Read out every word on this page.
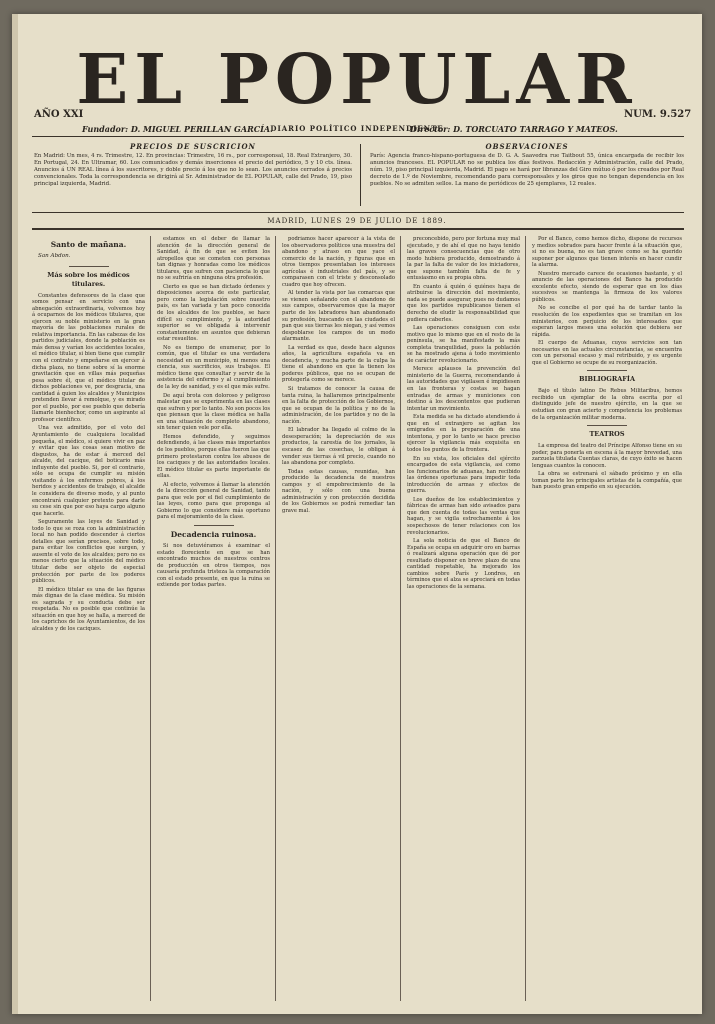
EL POPULAR
AÑO XXI	NUM. 9.527
DIARIO POLÍTICO INDEPENDIENTE
Fundador: D. MIGUEL PERILLAN GARCÍA.	Director: D. TORCUATO TARRAGO Y MATEOS.
PRECIOS DE SUSCRICION
En Madrid: Un mes, 4 rs. Trimestre, 12. En provincias: Trimestre, 16 rs., por corresponsal, 18. Real Extranjero, 30. En Portugal, 24. En Ultramar, 60. Los comunicados y demás inserciones el precio del periódico, 5 y 10 cts. línea. Anuncios á UN REAL línea á los suscritores, y doble precio á los que no lo sean. Los anuncios cerrados á precios convencionales. Toda la correspondencia se dirigirá al Sr. Administrador de EL POPULAR, calle del Prado, 19, piso principal izquierda, Madrid.
OBSERVACIONES
París: Agencia franco-hispano-portuguesa de D. G. A. Saavedra rue Taitbout 55, única encargada de recibir los anuncios franceses. EL POPULAR no se publica los días festivos. Redacción y Administración, calle del Prado, núm. 19, piso principal izquierda, Madrid. El pago se hará por libranzas del Giro mútuo ó por los creados por Real decreto de 1.º de Noviembre, recomendando para corresponsales y los giros que no tengan dependencia en los pueblos. No se admiten sellos. La mano de periódicos de 25 ejemplares, 12 reales.
MADRID, LUNES 29 DE JULIO DE 1889.
Santo de mañana.
San Abdon.
Más sobre los médicos titulares.

Constantes defensores de la clase que somos pensar en servicio con una abnegación extraordinaria, volvemos hoy á ocuparnos de los médicos titulares, que ejercen su noble ministerio en la gran mayoría de las poblaciones rurales de relativa importancia. En las cabezas de los partidos judiciales, donde la población es más densa y varían los accidentes locales, el médico titular, si bien tiene que cumplir con el contrato y empeñarse en ejercer á dicha plaza, no tiene sobre sí la enorme gravitación que en villas más pequeñas pesa sobre él, que el médico titular de dichos poblaciones ve, por desgracia, una cantidad á quien los alcaldes y Municipios pretenden llevar á remolque, y es mirado por el pueblo, por ese pueblo que debería llamarle bienhechor, como un aspirante al profesor científico.

Una vez admitido, por el voto del Ayuntamiento de cualquiera localidad pequeña, el médico, si quiere vivir en paz y evitar que las cosas sean motivo de disgustos, ha de estar á merced del alcalde, del cacique, del boticario más influyente del pueblo. Si, por el contrario, sólo se ocupa de cumplir su misión visitando á los enfermos pobres, á los heridos y accidentes de trabajo, el alcalde le considera de diverso modo, y al punto encontrará cualquier pretexto para darle su cese sin que por eso haya cargo alguno que hacerle.

Seguramente las leyes de Sanidad y todo lo que se roza con la administración local no han podido descender á ciertos detalles que serían precisos, sobre todo, para evitar los conflictos que surgen, y ausente el voto de los alcaldes; pero no es menos cierto que la situación del médico titular debe ser objeto de especial protección por parte de los poderes públicos.

El médico titular es una de las figuras más dignas de la clase médica. Su misión es sagrada y su conducta debe ser respetada. No es posible que continúe la situación en que hoy se halla, a merced de los caprichos de los Ayuntamientos, de los alcaldes y de los caciques.

estamos en el deber de llamar la atención de la dirección general de Sanidad, á fin de que se eviten los atropellos que se cometen con personas tan dignas y honradas como los médicos titulares, que sufren con paciencia lo que no se sufriría en ninguna otra profesión.

Cierto es que se han dictado órdenes y disposiciones acerca de este particular, pero como la legislación sobre nuestro país, es tan variada y tan poco conocida de los alcaldes de los pueblos, se hace difícil su cumplimiento, y la autoridad superior se ve obligada á intervenir constantemente en asuntos que debieran estar resueltos.

No es tiempo de enumerar, por lo común, que el titular es una verdadera necesidad en un municipio, ni menos una ciencia, sus sacrificios, sus trabajos. El médico tiene que consultar y servir de la asistencia del enfermo y al cumplimiento de la ley de sanidad, y es el que más sufre.

De aquí brota con doloroso y peligroso malestar que se experimenta en las clases que sufren y por lo tanto. No son pocos los que piensan que la clase médica se halla en una situación de completo abandono, sin tener quien vele por ella.

Hemos defendido, y seguimos defendiendo, á las clases más importantes de los pueblos, porque ellas fueron las que primero protestaron contra los abusos de los caciques y de las autoridades locales. El médico titular es parte importante de ellas.

Al efecto, volvemos á llamar la atención de la dirección general de Sanidad, tanto para que vele por el fiel cumplimiento de las leyes, como para que proponga al Gobierno lo que considere más oportuno para el mejoramiento de la clase.

Decadencia ruinosa.

Si nos detuviéramos á examinar el estado floreciente en que se han encontrado muchos de nuestros centros de producción en otros tiempos, nos causaría profunda tristeza la comparación con el estado presente, en que la ruina se extiende por todas partes.

podríamos hacer aparecer á la vista de los observadores políticos una muestra del abandono y atraso en que yace el comercio de la nación, y figuras que en otros tiempos presentaban los intereses agrícolas é industriales del país, y se comparasen con el triste y desconsolado cuadro que hoy ofrecen.

Al tender la vista por las comarcas que se vienen señalando con el abandono de sus campos, observaremos que la mayor parte de los labradores han abandonado su profesión, buscando en las ciudades el pan que sus tierras les niegan, y así vemos despoblarse los campos de un modo alarmante.

La verdad es que, desde hace algunos años, la agricultura española va en decadencia, y mucha parte de la culpa la tiene el abandono en que la tienen los poderes públicos, que no se ocupan de protegerla como se merece.

Si tratamos de conocer la causa de tanta ruina, la hallaremos principalmente en la falta de protección de los Gobiernos, que se ocupan de la política y no de la administración, de los partidos y no de la nación.

El labrador ha llegado al colmo de la desesperación; la depreciación de sus productos, la carestía de los jornales, la escasez de las cosechas, le obligan á vender sus tierras á vil precio, cuando no las abandona por completo.

Todas estas causas, reunidas, han producido la decadencia de nuestros campos y el empobrecimiento de la nación, y sólo con una buena administración y con protección decidida de los Gobiernos se podrá remediar tan grave mal.

preconcebido, pero por fortuna muy mal ejecutado, y de ahí el que no haya tenido las graves consecuencias que de otro modo hubiera producido, demostrando á la par la falta de valor de los iniciadores, que supone también falta de fe y entusiasmo en su propia obra.

En cuanto á quién ó quiénes haya de atribuirse la dirección del movimiento, nada se puede asegurar, pues no dudamos que los partidos republicanos tienen el derecho de eludir la responsabilidad que pudiera caberles.

Las operaciones consiguen con este motivo que lo mismo que en el resto de la península, se ha manifestado la más completa tranquilidad, pues la población se ha mostrado ajena á todo movimiento de carácter revolucionario.

Merece aplausos la prevención del ministerio de la Guerra, recomendando á las autoridades que vigilasen é impidiesen en las fronteras y costas se hagan entradas de armas y municiones con destino á los descontentos que pudieran intentar un movimiento.

Esta medida se ha dictado atendiendo á que en el extranjero se agitan los emigrados en la preparación de una intentona, y por lo tanto se hace preciso ejercer la vigilancia más exquisita en todos los puntos de la frontera.

En su vista, los oficiales del ejército encargados de esta vigilancia, así como los funcionarios de aduanas, han recibido las órdenes oportunas para impedir toda introducción de armas y efectos de guerra.

Los dueños de los establecimientos y fábricas de armas han sido avisados para que den cuenta de todas las ventas que hagan, y se vigila estrechamente á los sospechosos de tener relaciones con los revolucionarios.

La sola noticia de que el Banco de España se ocupa en adquirir oro en barras ó realizará alguna operación que dé por resultado disponer en breve plazo de una cantidad respetable, ha mejorado los cambios sobre París y Londres, en términos que el alza se apreciará en todas las operaciones de la semana.

Por el Banco, como hemos dicho, dispone de recursos y medios sobrados para hacer frente á la situación que, si no es buena, no es tan grave como se ha querido suponer por algunos que tienen interés en hacer cundir la alarma.

Nuestro mercado carece de ocasiones bastante, y el anuncio de las operaciones del Banco ha producido excelente efecto, siendo de esperar que en los días sucesivos se mantenga la firmeza de los valores públicos.

No se concibe el por qué ha de tardar tanto la resolución de los expedientes que se tramitan en los ministerios, con perjuicio de los interesados que esperan largos meses una solución que debiera ser rápida.

El cuerpo de Aduanas, cuyos servicios son tan necesarios en las actuales circunstancias, se encuentra con un personal escaso y mal retribuido, y es urgente que el Gobierno se ocupe de su reorganización.

BIBLIOGRAFÍA

Bajo el título latino De Rebus Militaribus, hemos recibido un ejemplar de la obra escrita por el distinguido jefe de nuestro ejército, en la que se estudian con gran acierto y competencia los problemas de la organización militar moderna.

TEATROS

La empresa del teatro del Príncipe Alfonso tiene en su poder, para ponerla en escena á la mayor brevedad, una zarzuela titulada Cuentas claras, de cuyo éxito se hacen lenguas cuantos la conocen.

La obra se estrenará el sábado próximo y en ella toman parte los principales artistas de la compañía, que han puesto gran empeño en su ejecución.
